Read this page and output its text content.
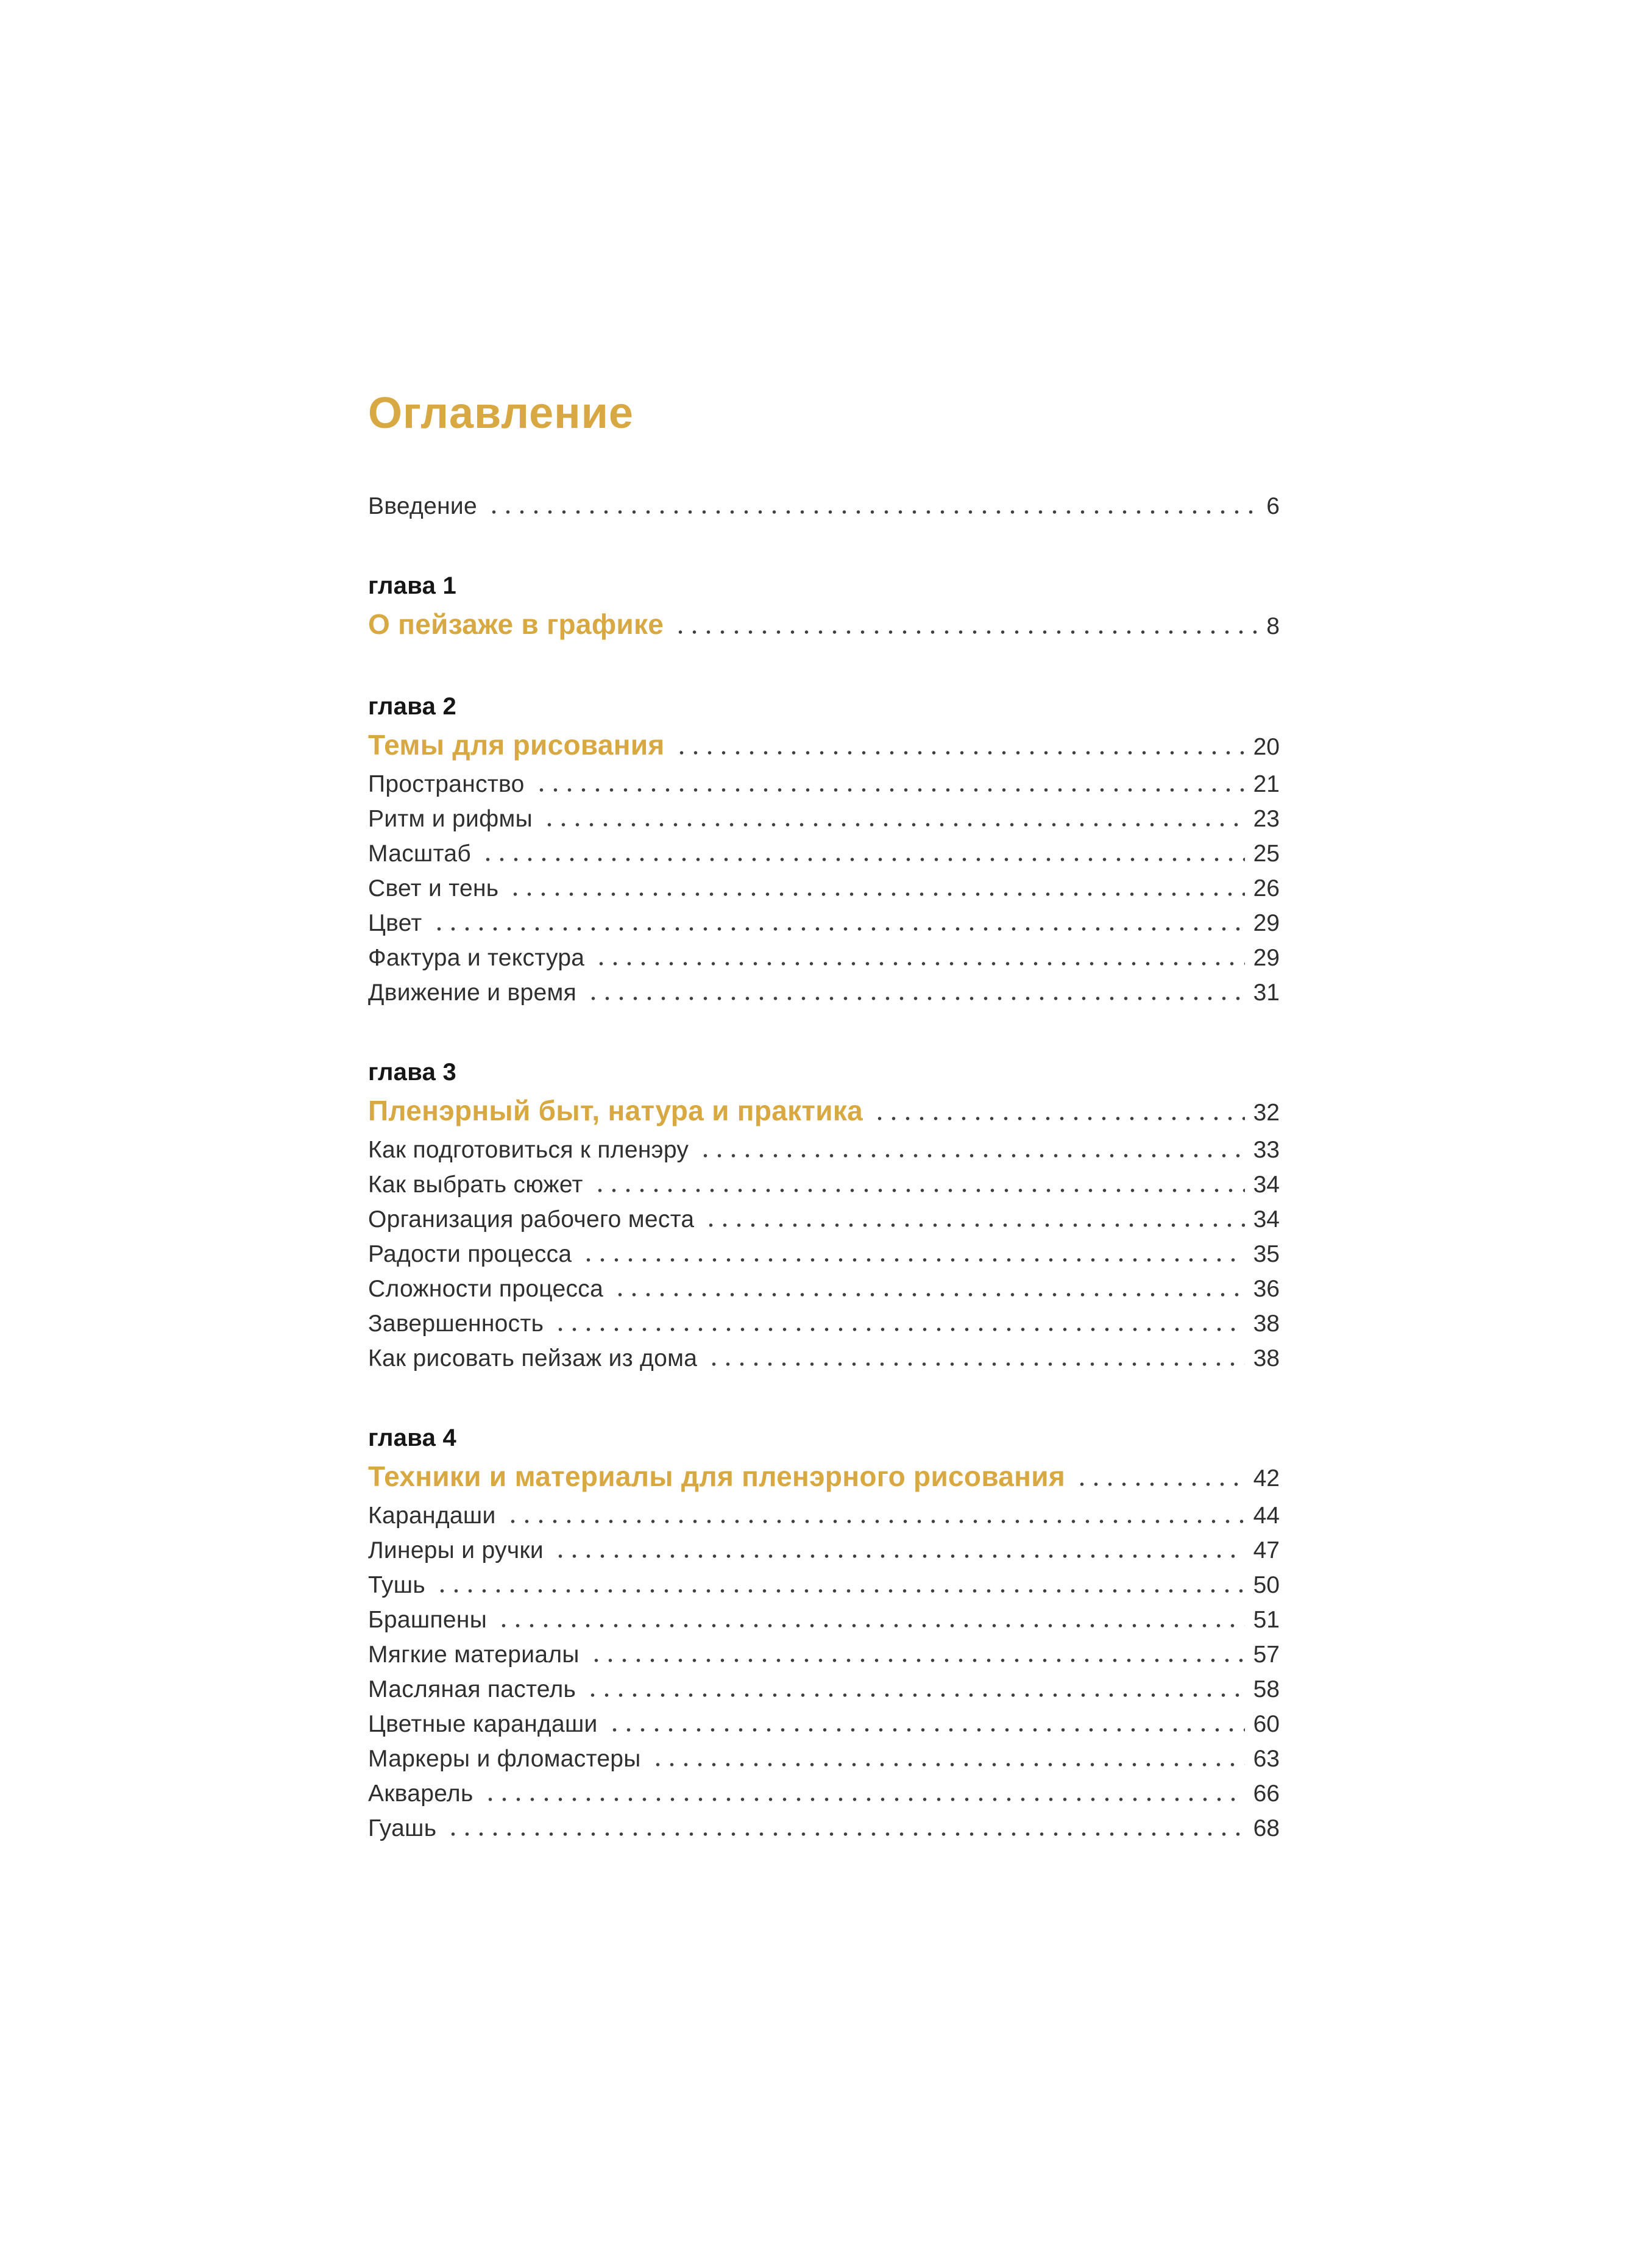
Оглавление
Введение	6
глава 1
О пейзаже в графике	8
глава 2
Темы для рисования	20
Пространство	21
Ритм и рифмы	23
Масштаб	25
Свет и тень	26
Цвет	29
Фактура и текстура	29
Движение и время	31
глава 3
Пленэрный быт, натура и практика	32
Как подготовиться к пленэру	33
Как выбрать сюжет	34
Организация рабочего места	34
Радости процесса	35
Сложности процесса	36
Завершенность	38
Как рисовать пейзаж из дома	38
глава 4
Техники и материалы для пленэрного рисования	42
Карандаши	44
Линеры и ручки	47
Тушь	50
Брашпены	51
Мягкие материалы	57
Масляная пастель	58
Цветные карандаши	60
Маркеры и фломастеры	63
Акварель	66
Гуашь	68
